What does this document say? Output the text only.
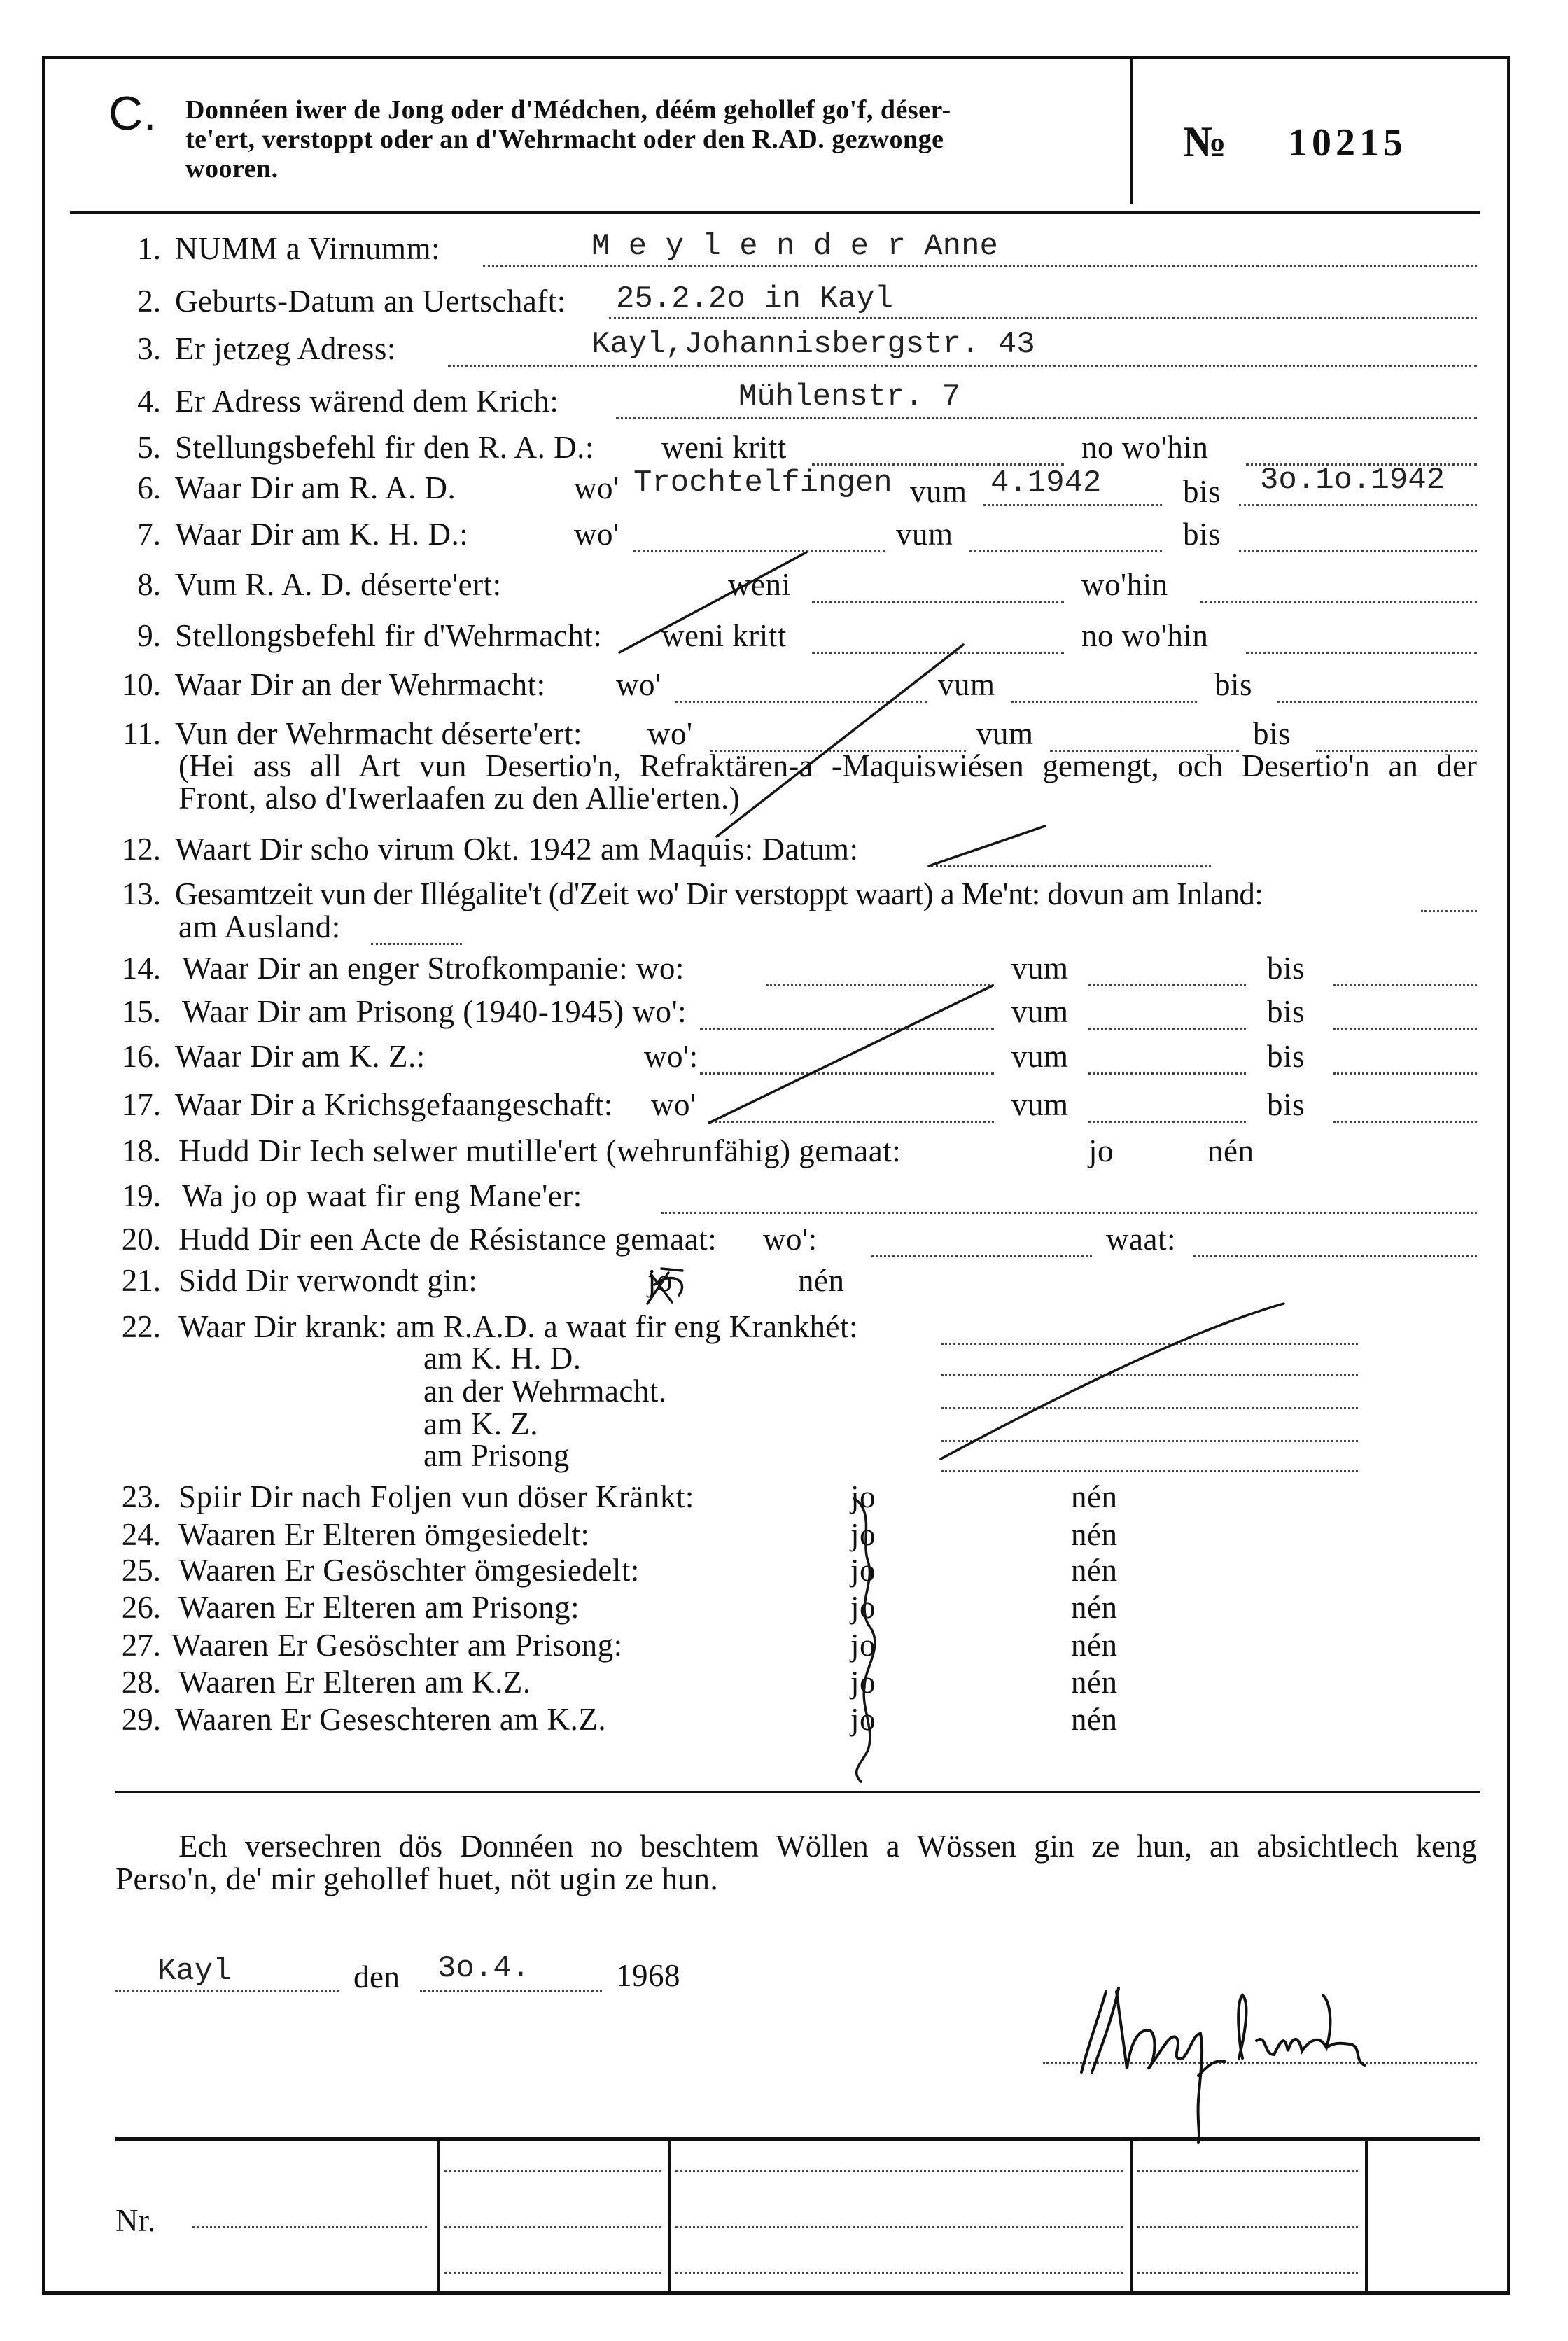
C. Donnéen iwer de Jong oder d'Médchen, déém gehollef go'f, déser-
te'ert, verstoppt oder an d'Wehrmacht oder den R.AD. gezwonge
wooren.
№ 10215
1. NUMM a Virnumm:	M e y l e n d e r Anne
2. Geburts-Datum an Uertschaft: 25.2.2o in Kayl
3. Er jetzeg Adress:	Kayl,Johannisbergstr. 43
4. Er Adress wärend dem Krich:	Mühlenstr. 7
5. Stellungsbefehl fir den R. A. D.: weni kritt	no wo'hin
6. Waar Dir am R. A. D.	wo' Trochtelfingen vum 4.1942	bis 3o.1o.1942
7. Waar Dir am K. H. D.:	wo'	vum	bis
8. Vum R. A. D. déserte'ert:	weni	wo'hin
9. Stellongsbefehl fir d'Wehrmacht: weni kritt	no wo'hin
10. Waar Dir an der Wehrmacht: wo'	vum	bis
11. Vun der Wehrmacht déserte'ert: wo'	vum	bis
(Hei ass all Art vun Desertio'n, Refraktären-a -Maquiswiésen gemengt, och Desertio'n an der
Front, also d'Iwerlaafen zu den Allie'erten.)
12. Waart Dir scho virum Okt. 1942 am Maquis: Datum:
13. Gesamtzeit vun der Illégalite't (d'Zeit wo' Dir verstoppt waart) a Me'nt: dovun am Inland:
am Ausland:
14. Waar Dir an enger Strofkompanie: wo:	vum	bis
15. Waar Dir am Prisong (1940-1945) wo':	vum	bis
16. Waar Dir am K. Z.:	wo':	vum	bis
17. Waar Dir a Krichsgefaangeschaft: wo'	vum	bis
18. Hudd Dir Iech selwer mutille'ert (wehrunfähig) gemaat:	jo	nén
19. Wa jo op waat fir eng Mane'er:
20. Hudd Dir een Acte de Résistance gemaat: wo':	waat:
21. Sidd Dir verwondt gin:	jo	nén
22. Waar Dir krank: am R.A.D. a waat fir eng Krankhét:
am K. H. D.
an der Wehrmacht.
am K. Z.
am Prisong
23. Spiir Dir nach Foljen vun döser Kränkt:	jo	nén
24. Waaren Er Elteren ömgesiedelt:	jo	nén
25. Waaren Er Gesöschter ömgesiedelt:	jo	nén
26. Waaren Er Elteren am Prisong:	jo	nén
27. Waaren Er Gesöschter am Prisong:	jo	nén
28. Waaren Er Elteren am K.Z.	jo	nén
29. Waaren Er Geseschteren am K.Z.	jo	nén
Ech versechren dös Donnéen no beschtem Wöllen a Wössen gin ze hun, an absichtlech keng
Perso'n, de' mir gehollef huet, nöt ugin ze hun.
Kayl	den 3o.4.	1968
Nr.
